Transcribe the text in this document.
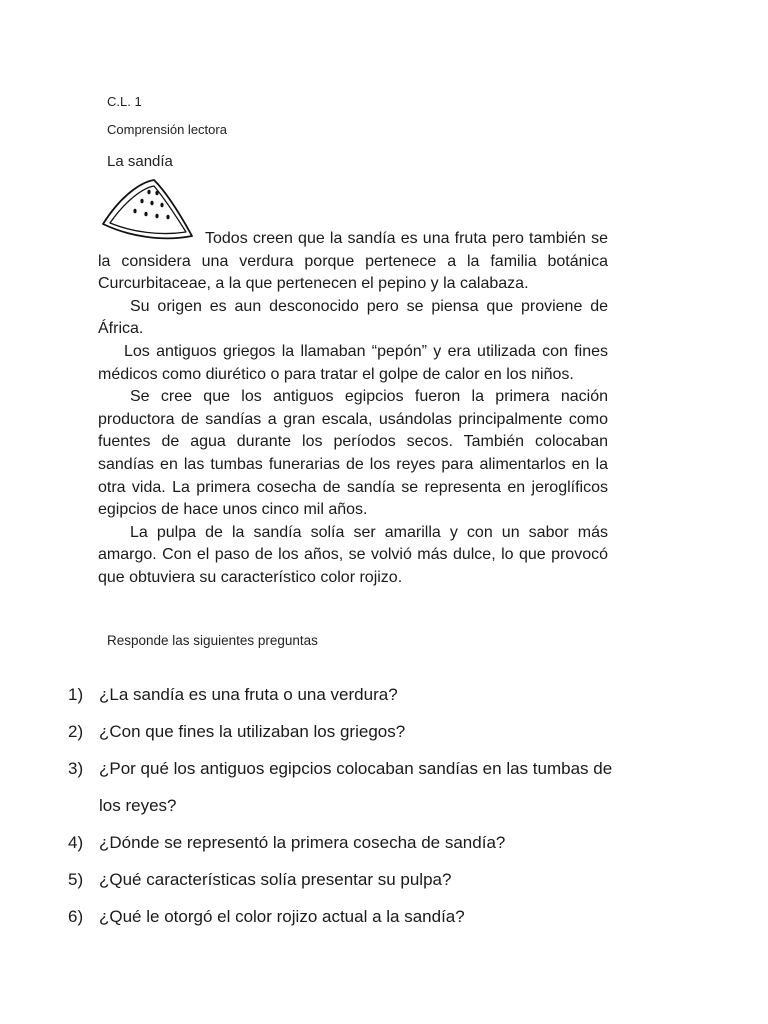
C.L. 1
Comprensión lectora
La sandía

Todos creen que la sandía es una fruta pero también se la considera una verdura porque pertenece a la familia botánica Curcurbitaceae, a la que pertenecen el pepino y la calabaza.

Su origen es aun desconocido pero se piensa que proviene de África.

Los antiguos griegos la llamaban “pepón” y era utilizada con fines médicos como diurético o para tratar el golpe de calor en los niños.

Se cree que los antiguos egipcios fueron la primera nación productora de sandías a gran escala, usándolas principalmente como fuentes de agua durante los períodos secos. También colocaban sandías en las tumbas funerarias de los reyes para alimentarlos en la otra vida. La primera cosecha de sandía se representa en jeroglíficos egipcios de hace unos cinco mil años.

La pulpa de la sandía solía ser amarilla y con un sabor más amargo. Con el paso de los años, se volvió más dulce, lo que provocó que obtuviera su característico color rojizo.

Responde las siguientes preguntas
1) ¿La sandía es una fruta o una verdura?
2) ¿Con que fines la utilizaban los griegos?
3) ¿Por qué los antiguos egipcios colocaban sandías en las tumbas de los reyes?
4) ¿Dónde se representó la primera cosecha de sandía?
5) ¿Qué características solía presentar su pulpa?
6) ¿Qué le otorgó el color rojizo actual a la sandía?
